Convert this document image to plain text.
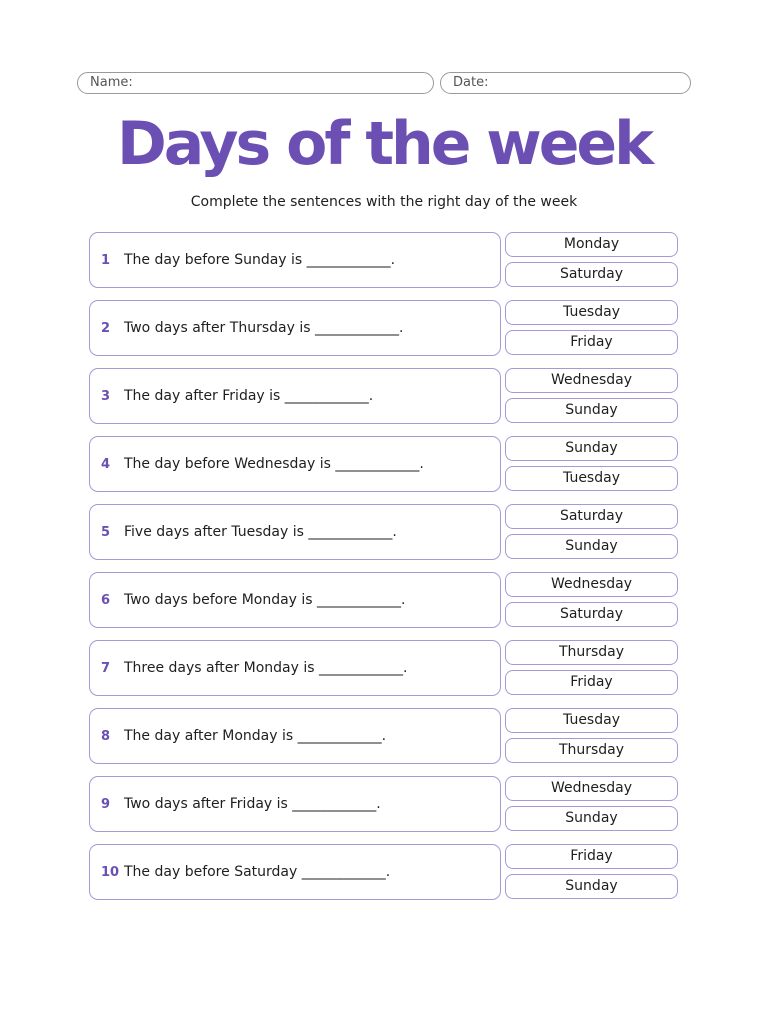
Name:	Date:
Days of the week
Complete the sentences with the right day of the week
1 The day before Sunday is ____________.
Monday
Saturday
2 Two days after Thursday is ____________.
Tuesday
Friday
3 The day after Friday is ____________.
Wednesday
Sunday
4 The day before Wednesday is ____________.
Sunday
Tuesday
5 Five days after Tuesday is ____________.
Saturday
Sunday
6 Two days before Monday is ____________.
Wednesday
Saturday
7 Three days after Monday is ____________.
Thursday
Friday
8 The day after Monday is ____________.
Tuesday
Thursday
9 Two days after Friday is ____________.
Wednesday
Sunday
10 The day before Saturday ____________.
Friday
Sunday
